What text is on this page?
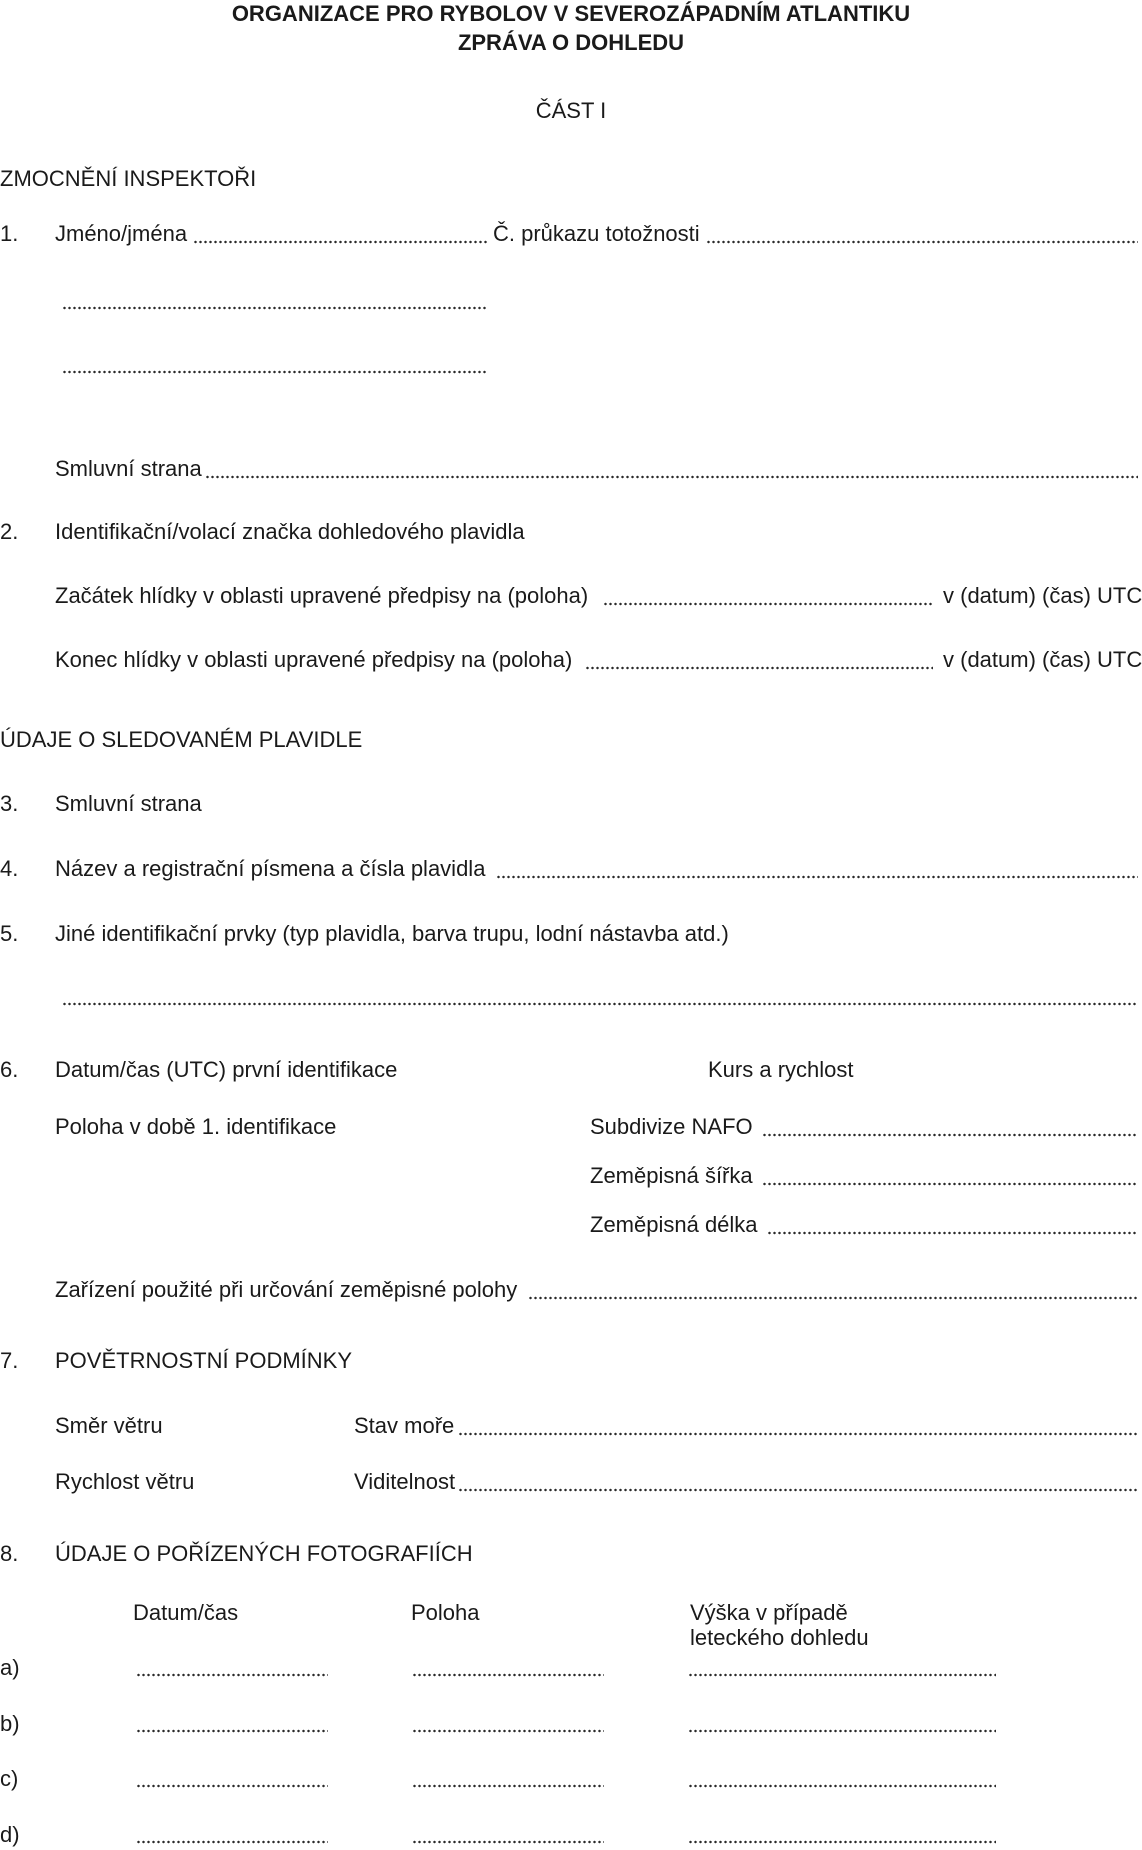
ORGANIZACE PRO RYBOLOV V SEVEROZÁPADNÍM ATLANTIKU
ZPRÁVA O DOHLEDU
ČÁST I
ZMOCNĚNÍ INSPEKTOŘI
1. Jméno/jména	Č. průkazu totožnosti
Smluvní strana
2. Identifikační/volací značka dohledového plavidla
Začátek hlídky v oblasti upravené předpisy na (poloha)	v (datum) (čas) UTC
Konec hlídky v oblasti upravené předpisy na (poloha)	v (datum) (čas) UTC
ÚDAJE O SLEDOVANÉM PLAVIDLE
3. Smluvní strana
4. Název a registrační písmena a čísla plavidla
5. Jiné identifikační prvky (typ plavidla, barva trupu, lodní nástavba atd.)
6. Datum/čas (UTC) první identifikace	Kurs a rychlost
Poloha v době 1. identifikace	Subdivize NAFO
Zeměpisná šířka
Zeměpisná délka
Zařízení použité při určování zeměpisné polohy
7. POVĚTRNOSTNÍ PODMÍNKY
Směr větru	Stav moře
Rychlost větru	Viditelnost
8. ÚDAJE O POŘÍZENÝCH FOTOGRAFIÍCH
Datum/čas	Poloha	Výška v případě
leteckého dohledu
a)
b)
c)
d)
